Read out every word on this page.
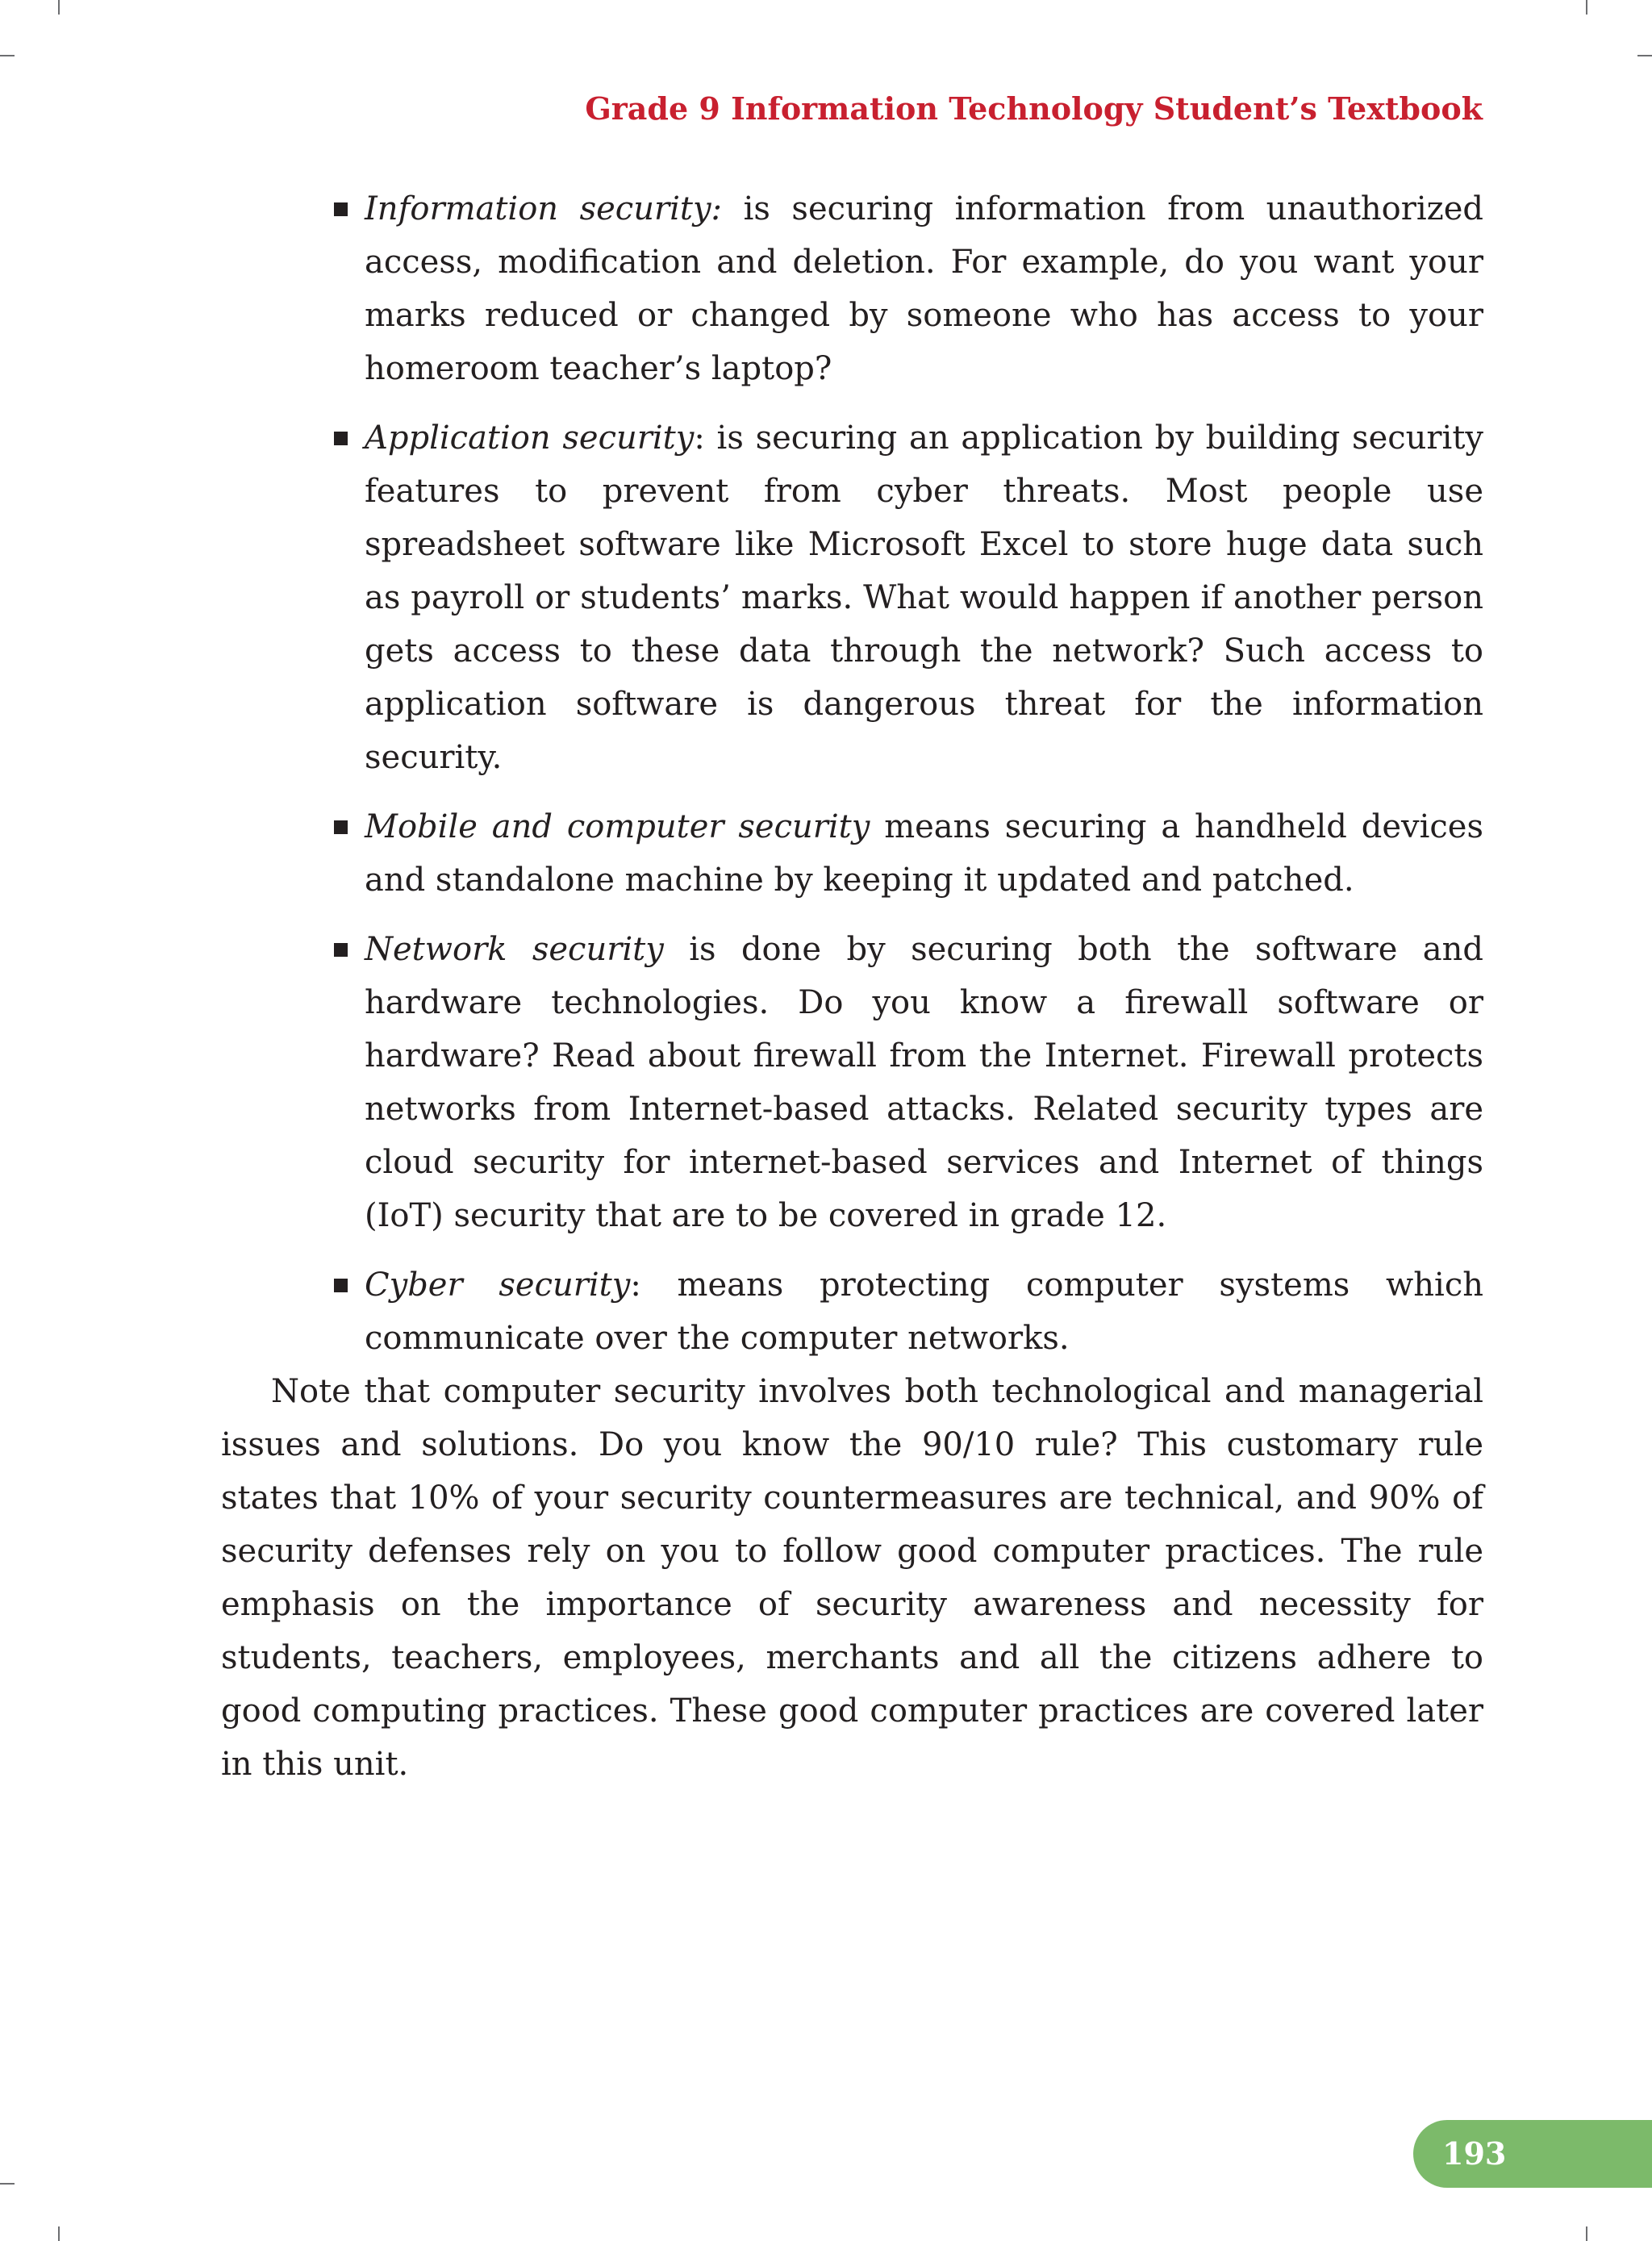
Grade 9 Information Technology Student’s Textbook
Information security: is securing information from unauthorized access, modification and deletion. For example, do you want your marks reduced or changed by someone who has access to your homeroom teacher’s laptop?
Application security: is securing an application by building security features to prevent from cyber threats. Most people use spreadsheet software like Microsoft Excel to store huge data such as payroll or students’ marks. What would happen if another person gets access to these data through the network? Such access to application software is dangerous threat for the information security.
Mobile and computer security means securing a handheld devices and standalone machine by keeping it updated and patched.
Network security is done by securing both the software and hardware technologies. Do you know a firewall software or hardware? Read about firewall from the Internet. Firewall protects networks from Internet-based attacks. Related security types are cloud security for internet-based services and Internet of things (IoT) security that are to be covered in grade 12.
Cyber security: means protecting computer systems which communicate over the computer networks.

Note that computer security involves both technological and managerial issues and solutions. Do you know the 90/10 rule? This customary rule states that 10% of your security countermeasures are technical, and 90% of security defenses rely on you to follow good computer practices. The rule emphasis on the importance of security awareness and necessity for students, teachers, employees, merchants and all the citizens adhere to good computing practices. These good computer practices are covered later in this unit.

193
